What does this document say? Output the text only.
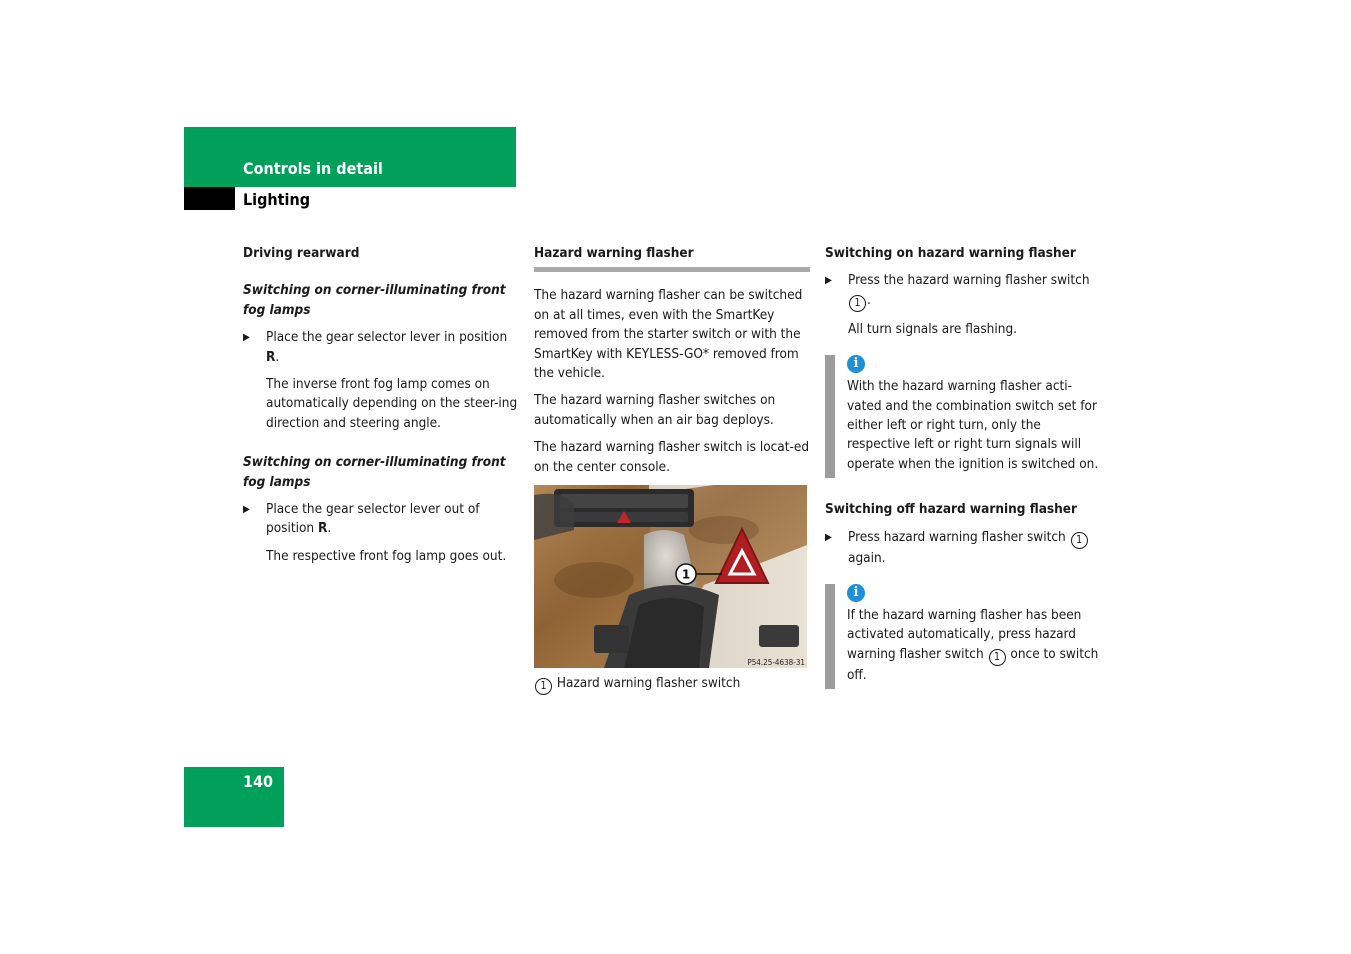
Controls in detail
Lighting
Driving rearward
Switching on corner-illuminating front fog lamps
▶ Place the gear selector lever in position R.
The inverse front fog lamp comes on automatically depending on the steer-ing direction and steering angle.
Switching on corner-illuminating front fog lamps
▶ Place the gear selector lever out of position R.
The respective front fog lamp goes out.
Hazard warning flasher

The hazard warning flasher can be switched on at all times, even with the SmartKey removed from the starter switch or with the SmartKey with KEYLESS-GO* removed from the vehicle.

The hazard warning flasher switches on automatically when an air bag deploys.

The hazard warning flasher switch is locat-ed on the center console.

1
P54.25-4638-31
1 Hazard warning flasher switch
Switching on hazard warning flasher
▶ Press the hazard warning flasher switch 1 .
All turn signals are flashing.
i
With the hazard warning flasher acti-vated and the combination switch set for either left or right turn, only the respective left or right turn signals will operate when the ignition is switched on.
Switching off hazard warning flasher
▶ Press hazard warning flasher switch 1 again.
i
If the hazard warning flasher has been activated automatically, press hazard warning flasher switch 1 once to switch off.
140
